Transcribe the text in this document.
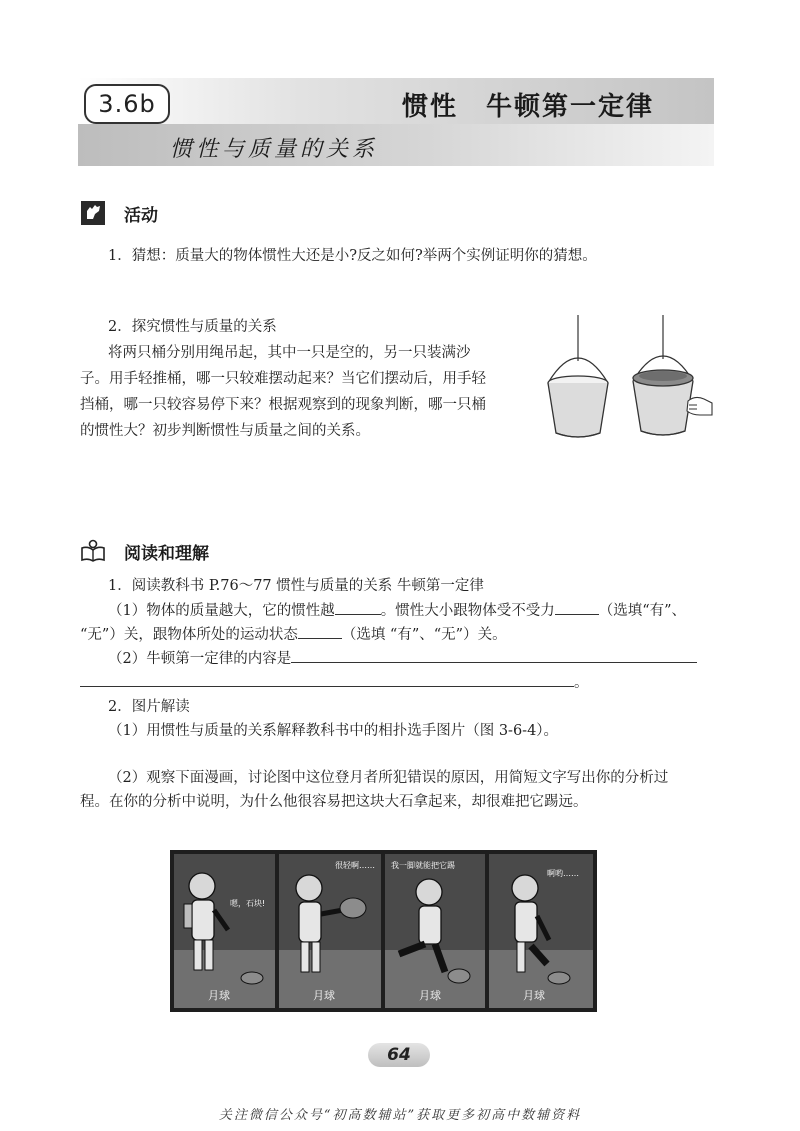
3.6b	惯性　牛顿第一定律
惯性与质量的关系
活动
1．猜想：质量大的物体惯性大还是小?反之如何?举两个实例证明你的猜想。
2．探究惯性与质量的关系
将两只桶分别用绳吊起，其中一只是空的，另一只装满沙
子。用手轻推桶，哪一只较难摆动起来？当它们摆动后，用手轻
挡桶，哪一只较容易停下来？根据观察到的现象判断，哪一只桶
的惯性大？初步判断惯性与质量之间的关系。
阅读和理解
1．阅读教科书 P.76～77 惯性与质量的关系 牛顿第一定律
（1）物体的质量越大，它的惯性越	。惯性大小跟物体受不受力	（选填“有”、
“无”）关，跟物体所处的运动状态	（选填 “有”、“无”）关。
（2）牛顿第一定律的内容是
。
2．图片解读
（1）用惯性与质量的关系解释教科书中的相扑选手图片（图 3-6-4）。
（2）观察下面漫画，讨论图中这位登月者所犯错误的原因，用简短文字写出你的分析过
程。在你的分析中说明，为什么他很容易把这块大石拿起来，却很难把它踢远。
嗯，石块!
月球
很轻啊……
月球
我一脚就能把它踢
月球
啊哟……
月球
64
关注微信公众号“初高数辅站”获取更多初高中数辅资料
